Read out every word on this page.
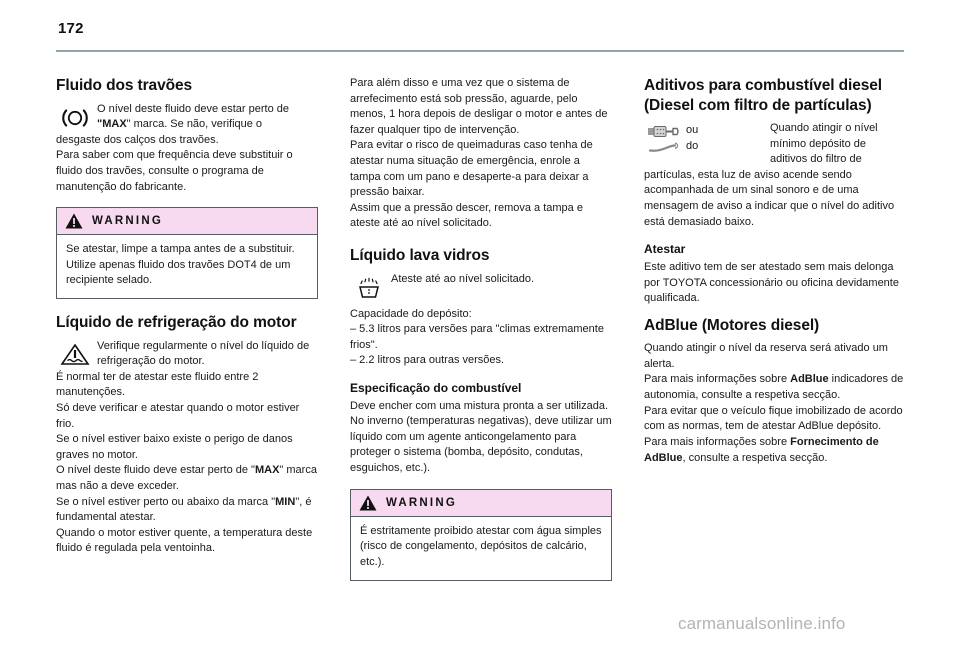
172
Fluido dos travões
O nível deste fluido deve estar perto de "MAX" marca. Se não, verifique o
desgaste dos calços dos travões.

Para saber com que frequência deve substituir o fluido dos travões, consulte o programa de manutenção do fabricante.

WARNING
Se atestar, limpe a tampa antes de a substituir. Utilize apenas fluido dos travões DOT4 de um recipiente selado.
Líquido de refrigeração do motor
Verifique regularmente o nível do líquido de refrigeração do motor.

É normal ter de atestar este fluido entre 2 manutenções.

Só deve verificar e atestar quando o motor estiver frio.

Se o nível estiver baixo existe o perigo de danos graves no motor.

O nível deste fluido deve estar perto de "MAX" marca mas não a deve exceder.

Se o nível estiver perto ou abaixo da marca "MIN", é fundamental atestar.

Quando o motor estiver quente, a temperatura deste fluido é regulada pela ventoinha.

Para além disso e uma vez que o sistema de arrefecimento está sob pressão, aguarde, pelo menos, 1 hora depois de desligar o motor e antes de fazer qualquer tipo de intervenção.

Para evitar o risco de queimaduras caso tenha de atestar numa situação de emergência, enrole a tampa com um pano e desaperte-a para deixar a pressão baixar.

Assim que a pressão descer, remova a tampa e ateste até ao nível solicitado.

Líquido lava vidros
Ateste até ao nível solicitado.

Capacidade do depósito:

– 5.3 litros para versões para "climas extremamente frios".

– 2.2 litros para outras versões.

Especificação do combustível

Deve encher com uma mistura pronta a ser utilizada.

No inverno (temperaturas negativas), deve utilizar um líquido com um agente anticongelamento para proteger o sistema (bomba, depósito, condutas, esguichos, etc.).

WARNING
É estritamente proibido atestar com água simples (risco de congelamento, depósitos de calcário, etc.).
Aditivos para combustível diesel (Diesel com filtro de partículas)
ou
do
Quando atingir o nível mínimo depósito de aditivos do filtro de partículas, esta luz de aviso acende sendo acompanhada de um sinal sonoro e de uma mensagem de aviso a indicar que o nível do aditivo está demasiado baixo.
Atestar

Este aditivo tem de ser atestado sem mais delonga por TOYOTA concessionário ou oficina devidamente qualificada.

AdBlue (Motores diesel)

Quando atingir o nível da reserva será ativado um alerta.

Para mais informações sobre AdBlue indicadores de autonomia, consulte a respetiva secção.

Para evitar que o veículo fique imobilizado de acordo com as normas, tem de atestar AdBlue depósito.

Para mais informações sobre Fornecimento de AdBlue, consulte a respetiva secção.

carmanualsonline.info
